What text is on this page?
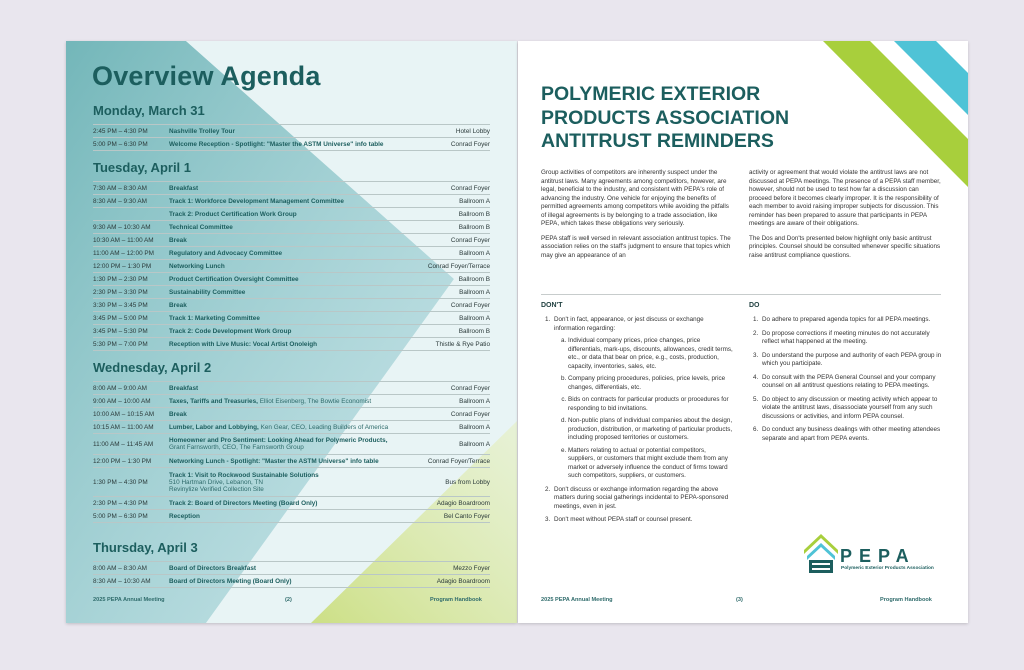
Overview Agenda
Monday, March 31
2:45 PM – 4:30 PM	Nashville Trolley Tour	Hotel Lobby
5:00 PM – 6:30 PM	Welcome Reception - Spotlight: "Master the ASTM Universe" info table	Conrad Foyer
Tuesday, April 1
7:30 AM – 8:30 AM	Breakfast	Conrad Foyer
8:30 AM – 9:30 AM	Track 1: Workforce Development Management Committee	Ballroom A
	Track 2: Product Certification Work Group	Ballroom B
9:30 AM – 10:30 AM	Technical Committee	Ballroom B
10:30 AM – 11:00 AM	Break	Conrad Foyer
11:00 AM – 12:00 PM	Regulatory and Advocacy Committee	Ballroom A
12:00 PM – 1:30 PM	Networking Lunch	Conrad Foyer/Terrace
1:30 PM – 2:30 PM	Product Certification Oversight Committee	Ballroom B
2:30 PM – 3:30 PM	Sustainability Committee	Ballroom A
3:30 PM – 3:45 PM	Break	Conrad Foyer
3:45 PM – 5:00 PM	Track 1: Marketing Committee	Ballroom A
3:45 PM – 5:30 PM	Track 2: Code Development Work Group	Ballroom B
5:30 PM – 7:00 PM	Reception with Live Music: Vocal Artist Onoleigh	Thistle & Rye Patio
Wednesday, April 2
8:00 AM – 9:00 AM	Breakfast	Conrad Foyer
9:00 AM – 10:00 AM	Taxes, Tariffs and Treasuries, Elliot Eisenberg, The Bowtie Economist	Ballroom A
10:00 AM – 10:15 AM	Break	Conrad Foyer
10:15 AM – 11:00 AM	Lumber, Labor and Lobbying, Ken Gear, CEO, Leading Builders of America	Ballroom A
11:00 AM – 11:45 AM	Homeowner and Pro Sentiment: Looking Ahead for Polymeric Products,
Grant Farnsworth, CEO, The Farnsworth Group	Ballroom A
12:00 PM – 1:30 PM	Networking Lunch - Spotlight: "Master the ASTM Universe" info table	Conrad Foyer/Terrace
1:30 PM – 4:30 PM	Track 1: Visit to Rockwood Sustainable Solutions
510 Hartman Drive, Lebanon, TN
Revinylize Verified Collection Site	Bus from Lobby
2:30 PM – 4:30 PM	Track 2: Board of Directors Meeting (Board Only)	Adagio Boardroom
5:00 PM – 6:30 PM	Reception	Bel Canto Foyer
Thursday, April 3
8:00 AM – 8:30 AM	Board of Directors Breakfast	Mezzo Foyer
8:30 AM – 10:30 AM	Board of Directors Meeting (Board Only)	Adagio Boardroom
2025 PEPA Annual Meeting	(2)	Program Handbook
POLYMERIC EXTERIOR PRODUCTS ASSOCIATION ANTITRUST REMINDERS

Group activities of competitors are inherently suspect under the antitrust laws. Many agreements among competitors, however, are legal, beneficial to the industry, and consistent with PEPA's role of advancing the industry. One vehicle for enjoying the benefits of permitted agreements among competitors while avoiding the pitfalls of illegal agreements is by belonging to a trade association, like PEPA, which takes these obligations very seriously.

PEPA staff is well versed in relevant association antitrust topics. The association relies on the staff's judgment to ensure that topics which may give an appearance of an

activity or agreement that would violate the antitrust laws are not discussed at PEPA meetings. The presence of a PEPA staff member, however, should not be used to test how far a discussion can proceed before it becomes clearly improper. It is the responsibility of each member to avoid raising improper subjects for discussion. This reminder has been prepared to assure that participants in PEPA meetings are aware of their obligations.

The Dos and Don'ts presented below highlight only basic antitrust principles. Counsel should be consulted whenever specific situations raise antitrust compliance questions.

DON'T
1. Don't in fact, appearance, or jest discuss or exchange information regarding:
a. Individual company prices, price changes, price differentials, mark-ups, discounts, allowances, credit terms, etc., or data that bear on price, e.g., costs, production, capacity, inventories, sales, etc.
b. Company pricing procedures, policies, price levels, price changes, differentials, etc.
c. Bids on contracts for particular products or procedures for responding to bid invitations.
d. Non-public plans of individual companies about the design, production, distribution, or marketing of particular products, including proposed territories or customers.
e. Matters relating to actual or potential competitors, suppliers, or customers that might exclude them from any market or adversely influence the conduct of firms toward such competitors, suppliers, or customers.
2. Don't discuss or exchange information regarding the above matters during social gatherings incidental to PEPA-sponsored meetings, even in jest.
3. Don't meet without PEPA staff or counsel present.
DO
1. Do adhere to prepared agenda topics for all PEPA meetings.
2. Do propose corrections if meeting minutes do not accurately reflect what happened at the meeting.
3. Do understand the purpose and authority of each PEPA group in which you participate.
4. Do consult with the PEPA General Counsel and your company counsel on all antitrust questions relating to PEPA meetings.
5. Do object to any discussion or meeting activity which appear to violate the antitrust laws, disassociate yourself from any such discussions or activities, and inform PEPA counsel.
6. Do conduct any business dealings with other meeting attendees separate and apart from PEPA events.
PEPA
Polymeric Exterior Products Association
2025 PEPA Annual Meeting	(3)	Program Handbook
